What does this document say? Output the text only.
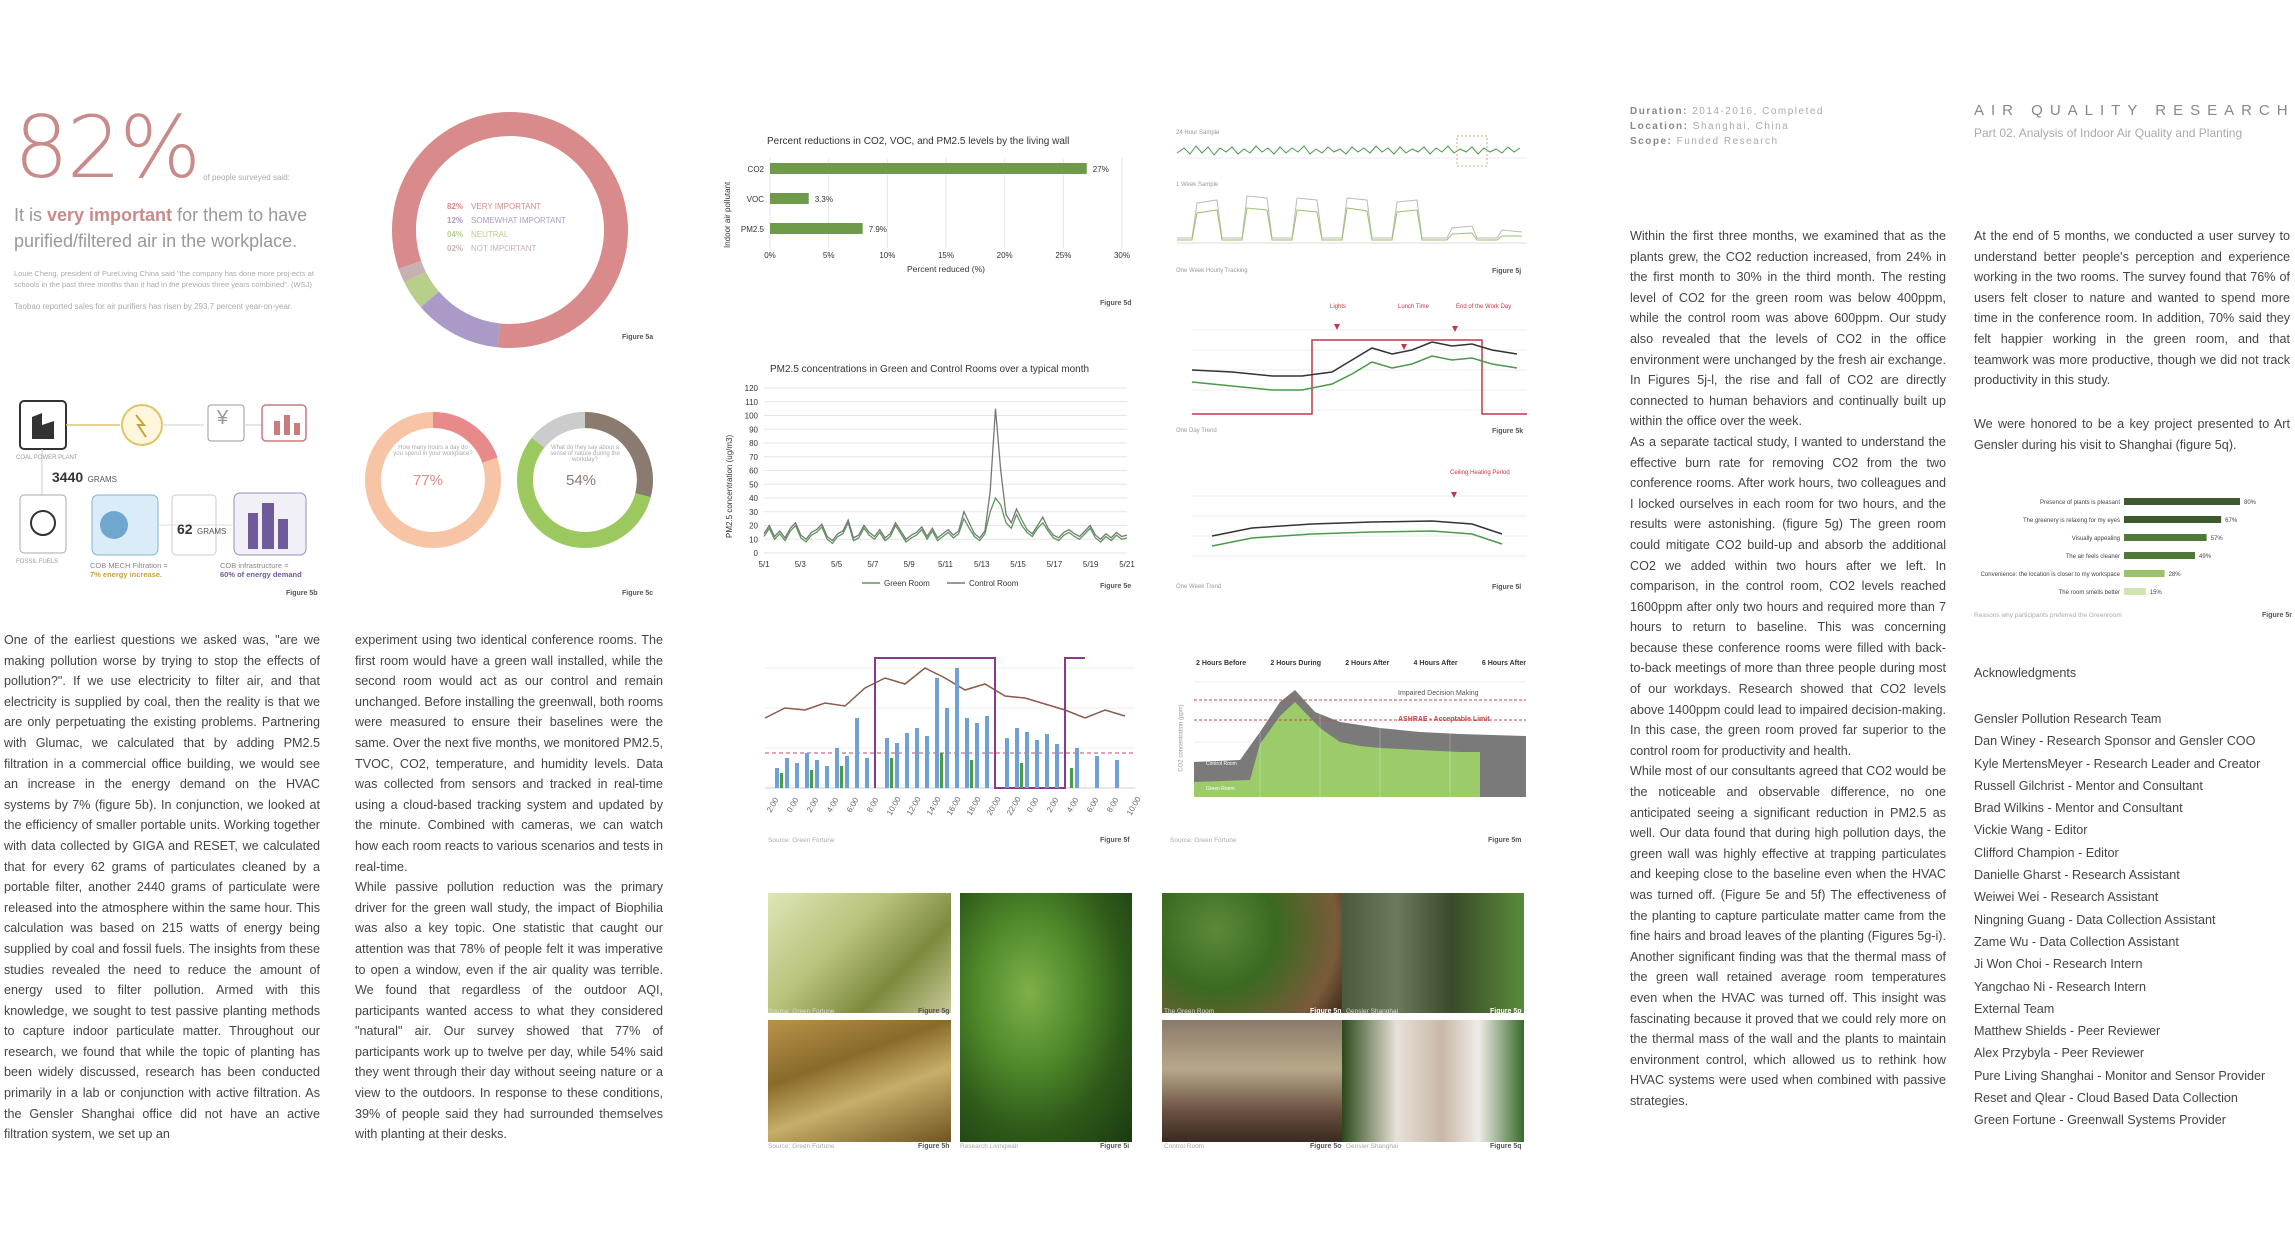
82% of people surveyed said:
It is very important for them to have purified/filtered air in the workplace.
Louie Cheng, president of PureLiving China said "the company has done more proj-ects at schools in the past three months than it had in the previous three years combined". (WSJ)
Taobao reported sales for air purifiers has risen by 293.7 percent year-on-year.
82% VERY IMPORTANT
12% SOMEWHAT IMPORTANT
04% NEUTRAL
02% NOT IMPORTANT
Figure 5a
¥
3440 GRAMS
62 GRAMS
COAL POWER PLANT
FOSSIL FUELS	COB MECH Filtration =
7% energy increase.
COB infrastructure =
60% of energy demand
Figure 5b
How many hours a day do you spend in your workplace?
77%
What do they say about a sense of nature during the workday?
54%
Figure 5c
One of the earliest questions we asked was, "are we making pollution worse by trying to stop the effects of pollution?". If we use electricity to filter air, and that electricity is supplied by coal, then the reality is that we are only perpetuating the existing problems. Partnering with Glumac, we calculated that by adding PM2.5 filtration in a commercial office building, we would see an increase in the energy demand on the HVAC systems by 7% (figure 5b). In conjunction, we looked at the efficiency of smaller portable units. Working together with data collected by GIGA and RESET, we calculated that for every 62 grams of particulates cleaned by a portable filter, another 2440 grams of particulate were released into the atmosphere within the same hour. This calculation was based on 215 watts of energy being supplied by coal and fossil fuels. The insights from these studies revealed the need to reduce the amount of energy used to filter pollution. Armed with this knowledge, we sought to test passive planting methods to capture indoor particulate matter. Throughout our research, we found that while the topic of planting has been widely discussed, research has been conducted primarily in a lab or conjunction with active filtration. As the Gensler Shanghai office did not have an active filtration system, we set up an
experiment using two identical conference rooms. The first room would have a green wall installed, while the second room would act as our control and remain unchanged. Before installing the greenwall, both rooms were measured to ensure their baselines were the same. Over the next five months, we monitored PM2.5, TVOC, CO2, temperature, and humidity levels. Data was collected from sensors and tracked in real-time using a cloud-based tracking system and updated by the minute. Combined with cameras, we can watch how each room reacts to various scenarios and tests in real-time.
While passive pollution reduction was the primary driver for the green wall study, the impact of Biophilia was also a key topic. One statistic that caught our attention was that 78% of people felt it was imperative to open a window, even if the air quality was terrible. We found that regardless of the outdoor AQI, participants wanted access to what they considered "natural" air. Our survey showed that 77% of participants work up to twelve per day, while 54% said they went through their day without seeing nature or a view to the outdoors. In response to these conditions, 39% of people said they had surrounded themselves with planting at their desks.
Percent reductions in CO2, VOC, and PM2.5 levels by the living wall
Indoor air pollutant
0%	5%	10%	15%	20%	25%	30%
CO2	27%
VOC	3.3%
PM2.5	7.9%
Percent reduced (%)
Figure 5d
PM2.5 concentrations in Green and Control Rooms over a typical month
PM2.5 concentration (ug/m3)
0
10
20
30
40
50
60
70
80
90
100
110
120
5/1	5/3	5/5	5/7	5/9	5/11	5/13	5/15	5/17	5/19	5/21
Green Room	Control Room	Figure 5e
2:00 0:00 2:00 4:00 6:00 8:00 10:00 12:00 14:00 16:00 18:00 20:00 22:00 0:00 2:00 4:00 6:00 8:00 10:00
Source: Green Fortune	Figure 5f
Source: Green Fortune	Figure 5g
Source: Green Fortune	Figure 5h Research Livingwall	Figure 5i
24 Hour Sample
1 Week Sample
One Week Hourly Tracking	Figure 5j
Lights	Lunch Time	End of the Work Day
One Day Trend	Figure 5k
Ceiling Heating Period
One Week Trend	Figure 5l
2 Hours Before	2 Hours During	2 Hours After	4 Hours After	6 Hours After
Impaired Decision Making
ASHRAE - Acceptable Limit
Control Room
Green Room
CO2 concentration (ppm)
Source: Green Fortune	Figure 5m
The Green Room	Figure 5n Gensler Shanghai	Figure 5p
Control Room	Figure 5o Gensler Shanghai	Figure 5q
Duration: 2014-2016, Completed
Location: Shanghai, China
Scope: Funded Research
AIR QUALITY RESEARCH
Part 02. Analysis of Indoor Air Quality and Planting
Within the first three months, we examined that as the plants grew, the CO2 reduction increased, from 24% in the first month to 30% in the third month. The resting level of CO2 for the green room was below 400ppm, while the control room was above 600ppm. Our study also revealed that the levels of CO2 in the office environment were unchanged by the fresh air exchange. In Figures 5j-l, the rise and fall of CO2 are directly connected to human behaviors and continually built up within the office over the week.
As a separate tactical study, I wanted to understand the effective burn rate for removing CO2 from the two conference rooms. After work hours, two colleagues and I locked ourselves in each room for two hours, and the results were astonishing. (figure 5g) The green room could mitigate CO2 build-up and absorb the additional CO2 we added within two hours after we left. In comparison, in the control room, CO2 levels reached 1600ppm after only two hours and required more than 7 hours to return to baseline. This was concerning because these conference rooms were filled with back-to-back meetings of more than three people during most of our workdays. Research showed that CO2 levels above 1400ppm could lead to impaired decision-making. In this case, the green room proved far superior to the control room for productivity and health.
While most of our consultants agreed that CO2 would be the noticeable and observable difference, no one anticipated seeing a significant reduction in PM2.5 as well. Our data found that during high pollution days, the green wall was highly effective at trapping particulates and keeping close to the baseline even when the HVAC was turned off. (Figure 5e and 5f) The effectiveness of the planting to capture particulate matter came from the fine hairs and broad leaves of the planting (Figures 5g-i). Another significant finding was that the thermal mass of the green wall retained average room temperatures even when the HVAC was turned off. This insight was fascinating because it proved that we could rely more on the thermal mass of the wall and the plants to maintain environment control, which allowed us to rethink how HVAC systems were used when combined with passive strategies.
At the end of 5 months, we conducted a user survey to understand better people's perception and experience working in the two rooms. The survey found that 76% of users felt closer to nature and wanted to spend more time in the conference room. In addition, 70% said they felt happier working in the green room, and that teamwork was more productive, though we did not track productivity in this study.
We were honored to be a key project presented to Art Gensler during his visit to Shanghai (figure 5q).
Presence of plants is pleasant	80%
The greenery is relaxing for my eyes	67%
Visually appealing	57%
The air feels cleaner	49%
Convenience: the location is closer to my workspace	28%
The room smells better	15%
Reasons why participants preferred the Greenroom	Figure 5r
Acknowledgments
Gensler Pollution Research Team
Dan Winey - Research Sponsor and Gensler COO
Kyle MertensMeyer - Research Leader and Creator
Russell Gilchrist - Mentor and Consultant
Brad Wilkins - Mentor and Consultant
Vickie Wang - Editor
Clifford Champion - Editor
Danielle Gharst - Research Assistant
Weiwei Wei - Research Assistant
Ningning Guang - Data Collection Assistant
Zame Wu - Data Collection Assistant
Ji Won Choi - Research Intern
Yangchao Ni - Research Intern
External Team
Matthew Shields - Peer Reviewer
Alex Przybyla - Peer Reviewer
Pure Living Shanghai - Monitor and Sensor Provider
Reset and Qlear - Cloud Based Data Collection
Green Fortune - Greenwall Systems Provider
